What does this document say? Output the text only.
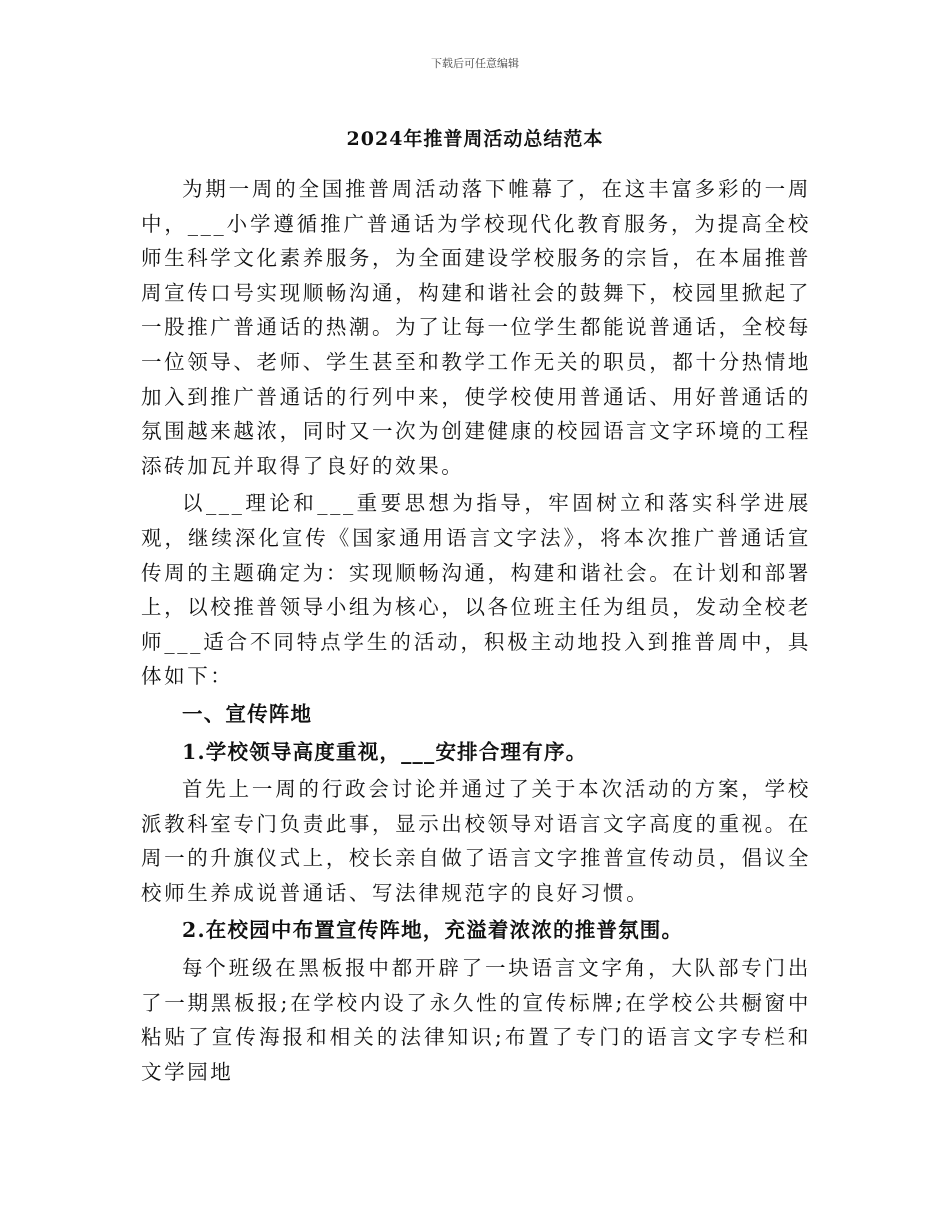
下载后可任意编辑
2024年推普周活动总结范本

为期一周的全国推普周活动落下帷幕了，在这丰富多彩的一周中，___小学遵循推广普通话为学校现代化教育服务，为提高全校师生科学文化素养服务，为全面建设学校服务的宗旨，在本届推普周宣传口号实现顺畅沟通，构建和谐社会的鼓舞下，校园里掀起了一股推广普通话的热潮。为了让每一位学生都能说普通话，全校每一位领导、老师、学生甚至和教学工作无关的职员，都十分热情地加入到推广普通话的行列中来，使学校使用普通话、用好普通话的氛围越来越浓，同时又一次为创建健康的校园语言文字环境的工程添砖加瓦并取得了良好的效果。

以___理论和___重要思想为指导，牢固树立和落实科学进展观，继续深化宣传《国家通用语言文字法》，将本次推广普通话宣传周的主题确定为：实现顺畅沟通，构建和谐社会。在计划和部署上，以校推普领导小组为核心，以各位班主任为组员，发动全校老师___适合不同特点学生的活动，积极主动地投入到推普周中，具体如下：

一、宣传阵地

1.学校领导高度重视，___安排合理有序。

首先上一周的行政会讨论并通过了关于本次活动的方案，学校派教科室专门负责此事，显示出校领导对语言文字高度的重视。在周一的升旗仪式上，校长亲自做了语言文字推普宣传动员，倡议全校师生养成说普通话、写法律规范字的良好习惯。

2.在校园中布置宣传阵地，充溢着浓浓的推普氛围。

每个班级在黑板报中都开辟了一块语言文字角，大队部专门出了一期黑板报;在学校内设了永久性的宣传标牌;在学校公共橱窗中粘贴了宣传海报和相关的法律知识;布置了专门的语言文字专栏和文学园地
